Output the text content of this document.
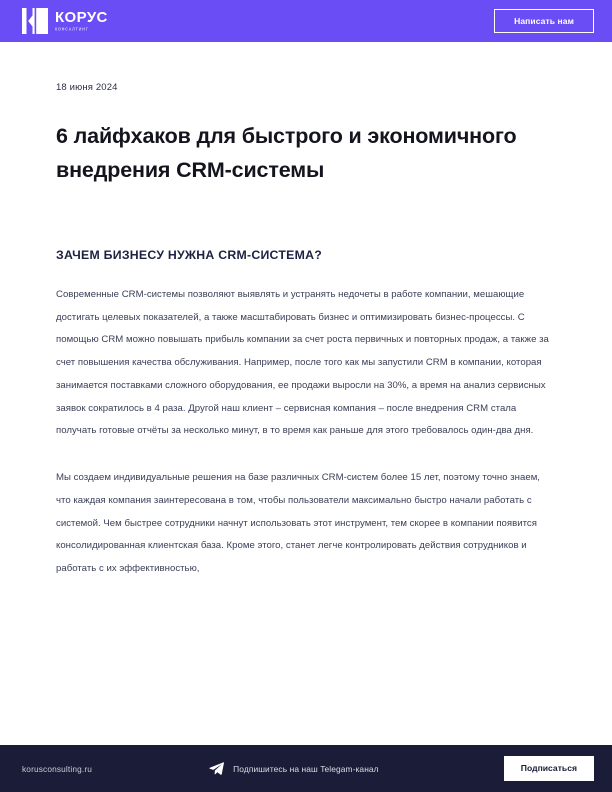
КОРУС
КОНСАЛТИНГ
Написать нам
18 июня 2024
6 лайфхаков для быстрого и экономичного внедрения CRM-системы
ЗАЧЕМ БИЗНЕСУ НУЖНА CRM-СИСТЕМА?

Современные CRM-системы позволяют выявлять и устранять недочеты в работе компании, мешающие достигать целевых показателей, а также масштабировать бизнес и оптимизировать бизнес-процессы. С помощью CRM можно повышать прибыль компании за счет роста первичных и повторных продаж, а также за счет повышения качества обслуживания. Например, после того как мы запустили CRM в компании, которая занимается поставками сложного оборудования, ее продажи выросли на 30%, а время на анализ сервисных заявок сократилось в 4 раза. Другой наш клиент – сервисная компания – после внедрения CRM стала получать готовые отчёты за несколько минут, в то время как раньше для этого требовалось один-два дня.

Мы создаем индивидуальные решения на базе различных CRM-систем более 15 лет, поэтому точно знаем, что каждая компания заинтересована в том, чтобы пользователи максимально быстро начали работать с системой. Чем быстрее сотрудники начнут использовать этот инструмент, тем скорее в компании появится консолидированная клиентская база. Кроме этого, станет легче контролировать действия сотрудников и работать с их эффективностью,

korusconsulting.ru	Подпишитесь на наш Telegam-канал	Подписаться
